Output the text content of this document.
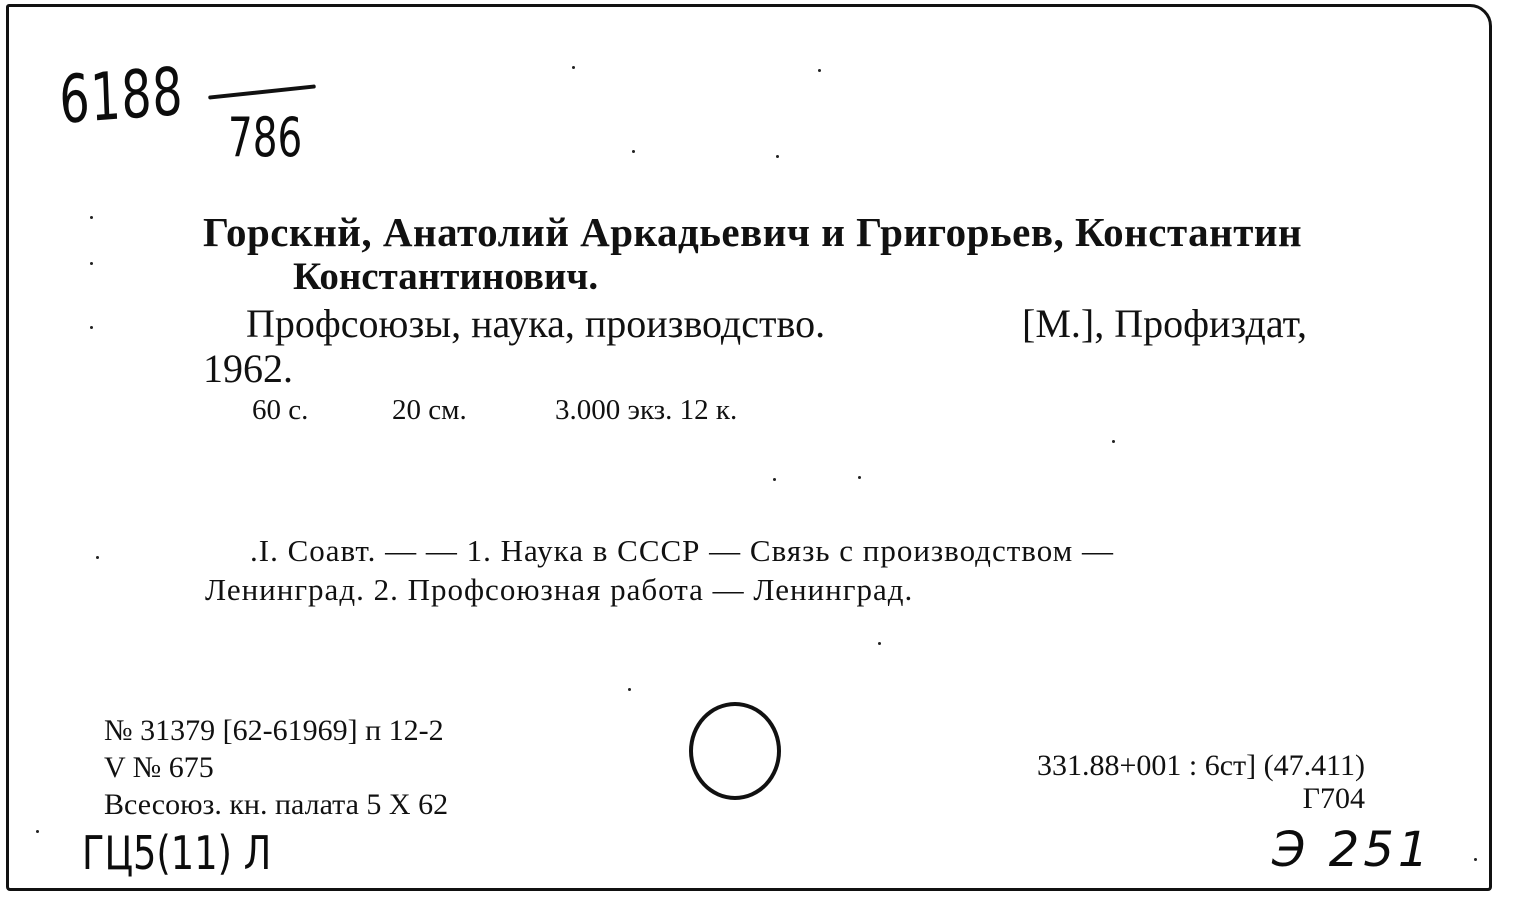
6188 786
Горскнй, Анатолий Аркадьевич и Григорьев, Константин
Константинович.
Профсоюзы, наука, производство.	[М.], Профиздат,
1962.
60 с.	20 см.	3.000 экз. 12 к.
.I. Соавт. — — 1. Наука в СССР — Связь с производством —
Ленинград. 2. Профсоюзная работа — Ленинград.
№ 31379 [62-61969] п 12-2
V № 675
Всесоюз. кн. палата 5 X 62
331.88+001 : 6ст] (47.411)
Г704
ГЦ5(11) Л	Э 251
